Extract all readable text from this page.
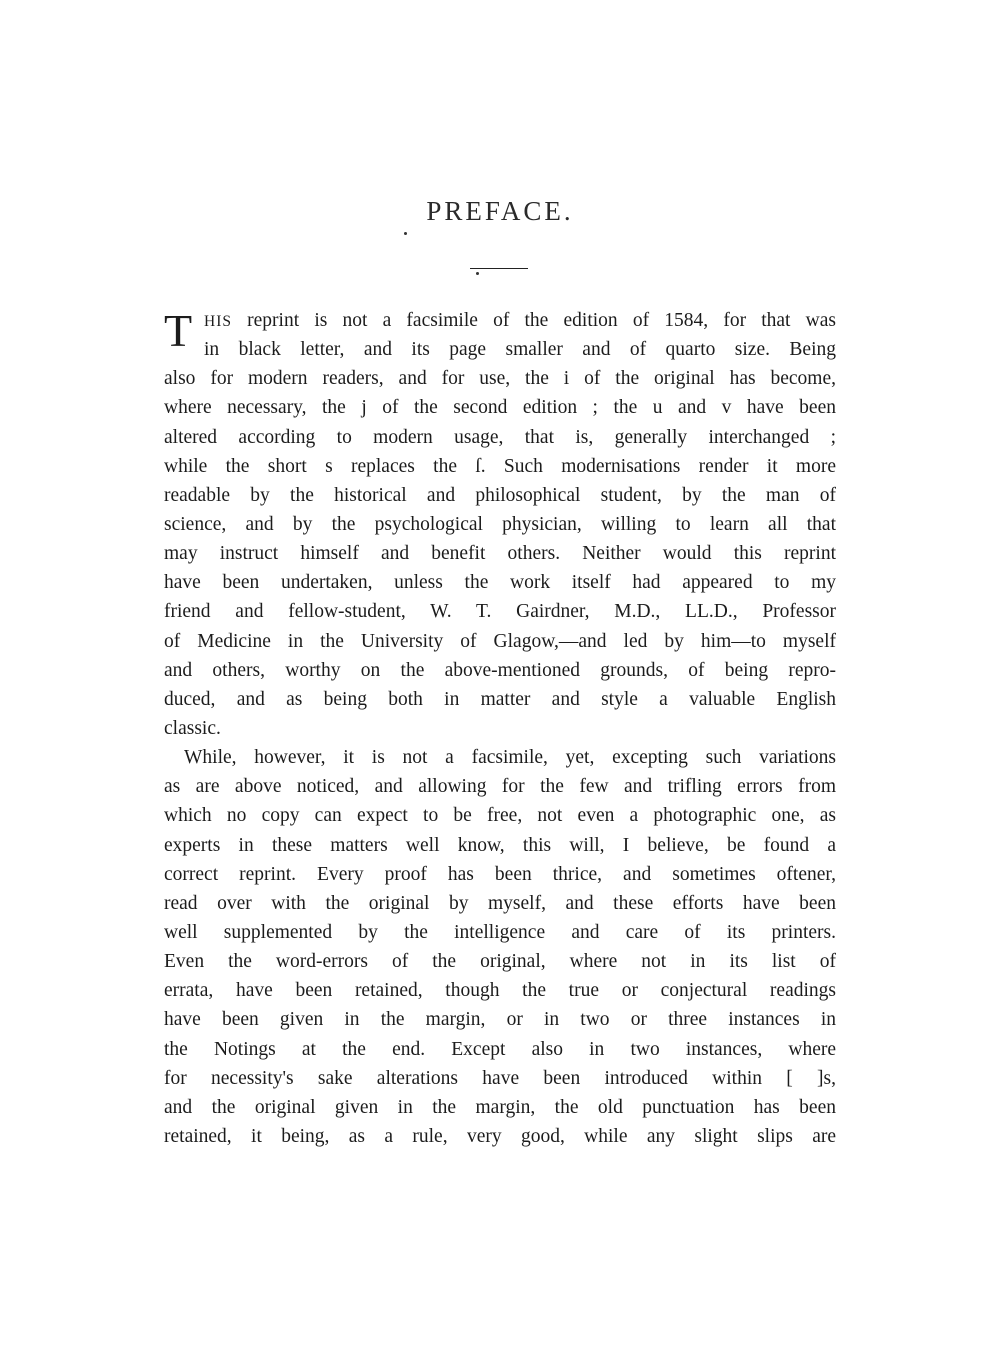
PREFACE.
T HIS reprint is not a facsimile of the edition of 1584, for that was
in black letter, and its page smaller and of quarto size. Being
also for modern readers, and for use, the i of the original has become,
where necessary, the j of the second edition ; the u and v have been
altered according to modern usage, that is, generally interchanged ;
while the short s replaces the ſ. Such modernisations render it more
readable by the historical and philosophical student, by the man of
science, and by the psychological physician, willing to learn all that
may instruct himself and benefit others. Neither would this reprint
have been undertaken, unless the work itself had appeared to my
friend and fellow-student, W. T. Gairdner, M.D., LL.D., Professor
of Medicine in the University of Glagow,—and led by him—to myself
and others, worthy on the above-mentioned grounds, of being repro-
duced, and as being both in matter and style a valuable English
classic.
While, however, it is not a facsimile, yet, excepting such variations
as are above noticed, and allowing for the few and trifling errors from
which no copy can expect to be free, not even a photographic one, as
experts in these matters well know, this will, I believe, be found a
correct reprint. Every proof has been thrice, and sometimes oftener,
read over with the original by myself, and these efforts have been
well supplemented by the intelligence and care of its printers.
Even the word-errors of the original, where not in its list of
errata, have been retained, though the true or conjectural readings
have been given in the margin, or in two or three instances in
the Notings at the end. Except also in two instances, where
for necessity's sake alterations have been introduced within [ ]s,
and the original given in the margin, the old punctuation has been
retained, it being, as a rule, very good, while any slight slips are
